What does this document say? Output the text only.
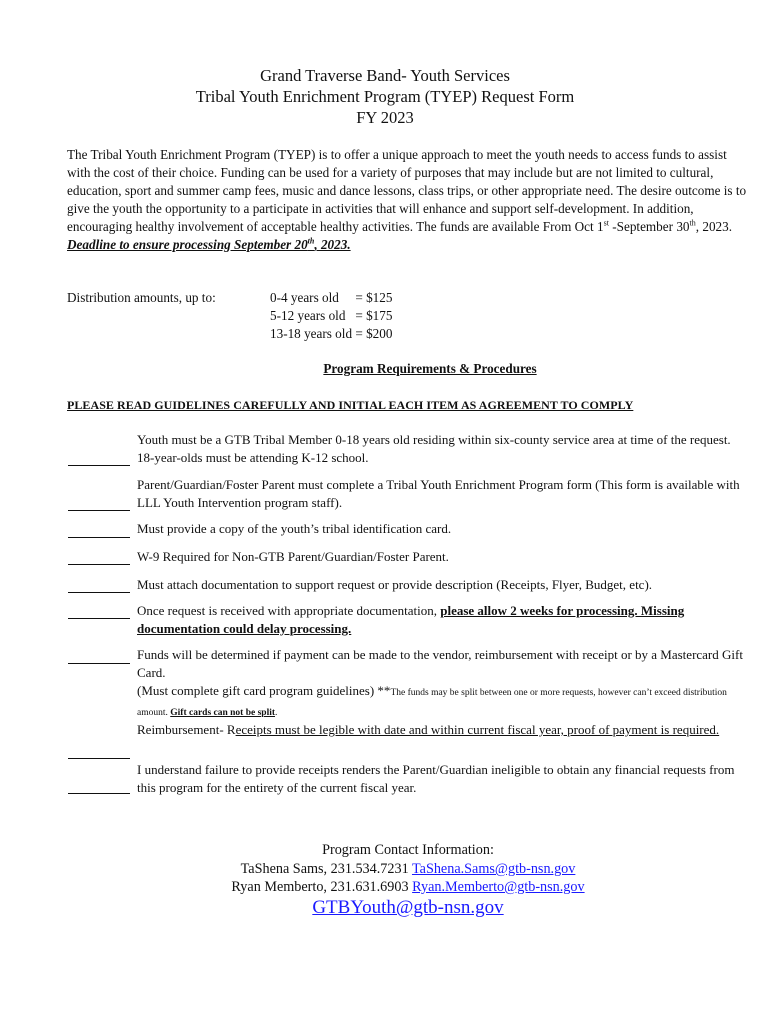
Grand Traverse Band- Youth Services
Tribal Youth Enrichment Program (TYEP) Request Form
FY 2023
The Tribal Youth Enrichment Program (TYEP) is to offer a unique approach to meet the youth needs to access funds to assist with the cost of their choice. Funding can be used for a variety of purposes that may include but are not limited to cultural, education, sport and summer camp fees, music and dance lessons, class trips, or other appropriate need. The desire outcome is to give the youth the opportunity to a participate in activities that will enhance and support self-development. In addition, encouraging healthy involvement of acceptable healthy activities. The funds are available From Oct 1st -September 30th, 2023. Deadline to ensure processing September 20th, 2023.
Distribution amounts, up to:	0-4 years old     = $125
5-12 years old   = $175
13-18 years old = $200
Program Requirements & Procedures
PLEASE READ GUIDELINES CAREFULLY AND INITIAL EACH ITEM AS AGREEMENT TO COMPLY
Youth must be a GTB Tribal Member 0-18 years old residing within six-county service area at time of the request. 18-year-olds must be attending K-12 school.
Parent/Guardian/Foster Parent must complete a Tribal Youth Enrichment Program form (This form is available with LLL Youth Intervention program staff).
Must provide a copy of the youth’s tribal identification card.
W-9 Required for Non-GTB Parent/Guardian/Foster Parent.
Must attach documentation to support request or provide description (Receipts, Flyer, Budget, etc).
Once request is received with appropriate documentation, please allow 2 weeks for processing. Missing documentation could delay processing.
Funds will be determined if payment can be made to the vendor, reimbursement with receipt or by a Mastercard Gift Card.
(Must complete gift card program guidelines) **The funds may be split between one or more requests, however can’t exceed distribution amount. Gift cards can not be split.
Reimbursement- Receipts must be legible with date and within current fiscal year, proof of payment is required.
I understand failure to provide receipts renders the Parent/Guardian ineligible to obtain any financial requests from this program for the entirety of the current fiscal year.
Program Contact Information:
TaShena Sams, 231.534.7231 TaShena.Sams@gtb-nsn.gov
Ryan Memberto, 231.631.6903 Ryan.Memberto@gtb-nsn.gov
GTBYouth@gtb-nsn.gov
